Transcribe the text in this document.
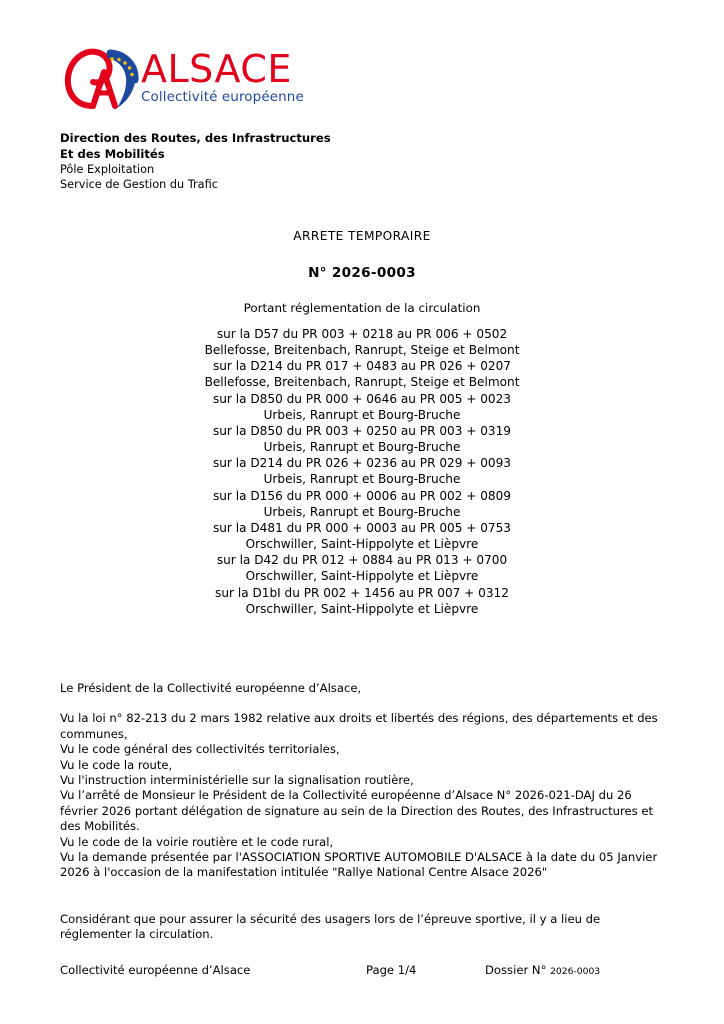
ALSACE
Collectivité européenne
Direction des Routes, des Infrastructures
Et des Mobilités
Pôle Exploitation
Service de Gestion du Trafic
ARRETE TEMPORAIRE
N° 2026-0003
Portant réglementation de la circulation
sur la D57 du PR 003 + 0218 au PR 006 + 0502
Bellefosse, Breitenbach, Ranrupt, Steige et Belmont
sur la D214 du PR 017 + 0483 au PR 026 + 0207
Bellefosse, Breitenbach, Ranrupt, Steige et Belmont
sur la D850 du PR 000 + 0646 au PR 005 + 0023
Urbeis, Ranrupt et Bourg-Bruche
sur la D850 du PR 003 + 0250 au PR 003 + 0319
Urbeis, Ranrupt et Bourg-Bruche
sur la D214 du PR 026 + 0236 au PR 029 + 0093
Urbeis, Ranrupt et Bourg-Bruche
sur la D156 du PR 000 + 0006 au PR 002 + 0809
Urbeis, Ranrupt et Bourg-Bruche
sur la D481 du PR 000 + 0003 au PR 005 + 0753
Orschwiller, Saint-Hippolyte et Lièpvre
sur la D42 du PR 012 + 0884 au PR 013 + 0700
Orschwiller, Saint-Hippolyte et Lièpvre
sur la D1bI du PR 002 + 1456 au PR 007 + 0312
Orschwiller, Saint-Hippolyte et Lièpvre
Le Président de la Collectivité européenne d’Alsace,
Vu la loi n° 82-213 du 2 mars 1982 relative aux droits et libertés des régions, des départements et des communes,
Vu le code général des collectivités territoriales,
Vu le code la route,
Vu l'instruction interministérielle sur la signalisation routière,
Vu l’arrêté de Monsieur le Président de la Collectivité européenne d’Alsace N° 2026-021-DAJ du 26 février 2026 portant délégation de signature au sein de la Direction des Routes, des Infrastructures et des Mobilités.
Vu le code de la voirie routière et le code rural,
Vu la demande présentée par l'ASSOCIATION SPORTIVE AUTOMOBILE D'ALSACE à la date du 05 Janvier 2026 à l'occasion de la manifestation intitulée "Rallye National Centre Alsace 2026"
Considérant que pour assurer la sécurité des usagers lors de l’épreuve sportive, il y a lieu de réglementer la circulation.
Collectivité européenne d’Alsace	Page 1/4	Dossier N° 2026-0003
